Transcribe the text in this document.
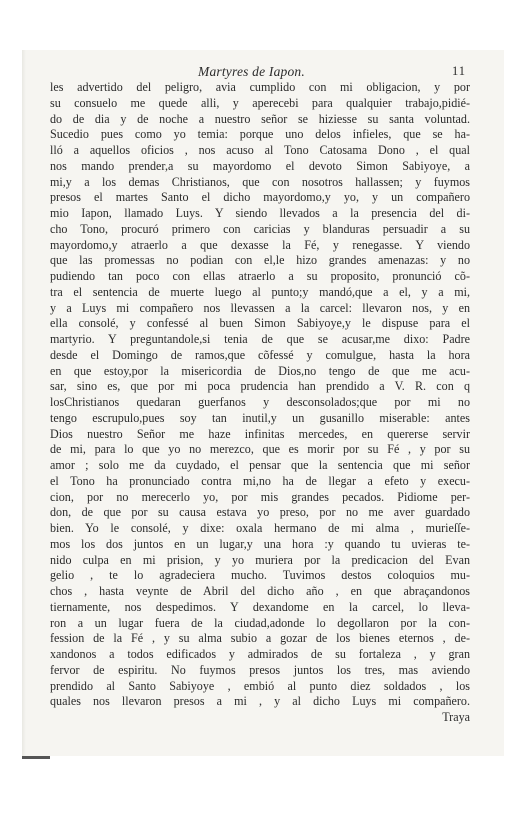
Martyres de Iapon.	11
les advertido del peligro, avia cumplido con mi obligacion, y por
su consuelo me quede alli, y aperecebi para qualquier trabajo,pidié-
do de dia y de noche a nuestro señor se hiziesse su santa voluntad.
Sucedio pues como yo temia: porque uno delos infieles, que se ha-
lló a aquellos oficios , nos acuso al Tono Catosama Dono , el qual
nos mando prender,a su mayordomo el devoto Simon Sabiyoye, a
mi,y a los demas Christianos, que con nosotros hallassen; y fuymos
presos el martes Santo el dicho mayordomo,y yo, y un compañero
mio Iapon, llamado Luys. Y siendo llevados a la presencia del di-
cho Tono, procuró primero con caricias y blanduras persuadir a su
mayordomo,y atraerlo a que dexasse la Fé, y renegasse. Y viendo
que las promessas no podian con el,le hizo grandes amenazas: y no
pudiendo tan poco con ellas atraerlo a su proposito, pronunció cõ-
tra el sentencia de muerte luego al punto;y mandó,que a el, y a mi,
y a Luys mi compañero nos llevassen a la carcel: llevaron nos, y en
ella consolé, y confessé al buen Simon Sabiyoye,y le dispuse para el
martyrio. Y preguntandole,si tenia de que se acusar,me dixo: Padre
desde el Domingo de ramos,que cõfessé y comulgue, hasta la hora
en que estoy,por la misericordia de Dios,no tengo de que me acu-
sar, sino es, que por mi poca prudencia han prendido a V. R. con q
losChristianos quedaran guerfanos y desconsolados;que por mi no
tengo escrupulo,pues soy tan inutil,y un gusanillo miserable: antes
Dios nuestro Señor me haze infinitas mercedes, en quererse servir
de mi, para lo que yo no merezco, que es morir por su Fé , y por su
amor ; solo me da cuydado, el pensar que la sentencia que mi señor
el Tono ha pronunciado contra mi,no ha de llegar a efeto y execu-
cion, por no merecerlo yo, por mis grandes pecados. Pidiome per-
don, de que por su causa estava yo preso, por no me aver guardado
bien. Yo le consolé, y dixe: oxala hermano de mi alma , murieſſe-
mos los dos juntos en un lugar,y una hora :y quando tu uvieras te-
nido culpa en mi prision, y yo muriera por la predicacion del Evan
gelio , te lo agradeciera mucho. Tuvimos destos coloquios mu-
chos , hasta veynte de Abril del dicho año , en que abraçandonos
tiernamente, nos despedimos. Y dexandome en la carcel, lo lleva-
ron a un lugar fuera de la ciudad,adonde lo degollaron por la con-
fession de la Fé , y su alma subio a gozar de los bienes eternos , de-
xandonos a todos edificados y admirados de su fortaleza , y gran
fervor de espiritu. No fuymos presos juntos los tres, mas aviendo
prendido al Santo Sabiyoye , embió al punto diez soldados , los
quales nos llevaron presos a mi , y al dicho Luys mi compañero.
Traya
